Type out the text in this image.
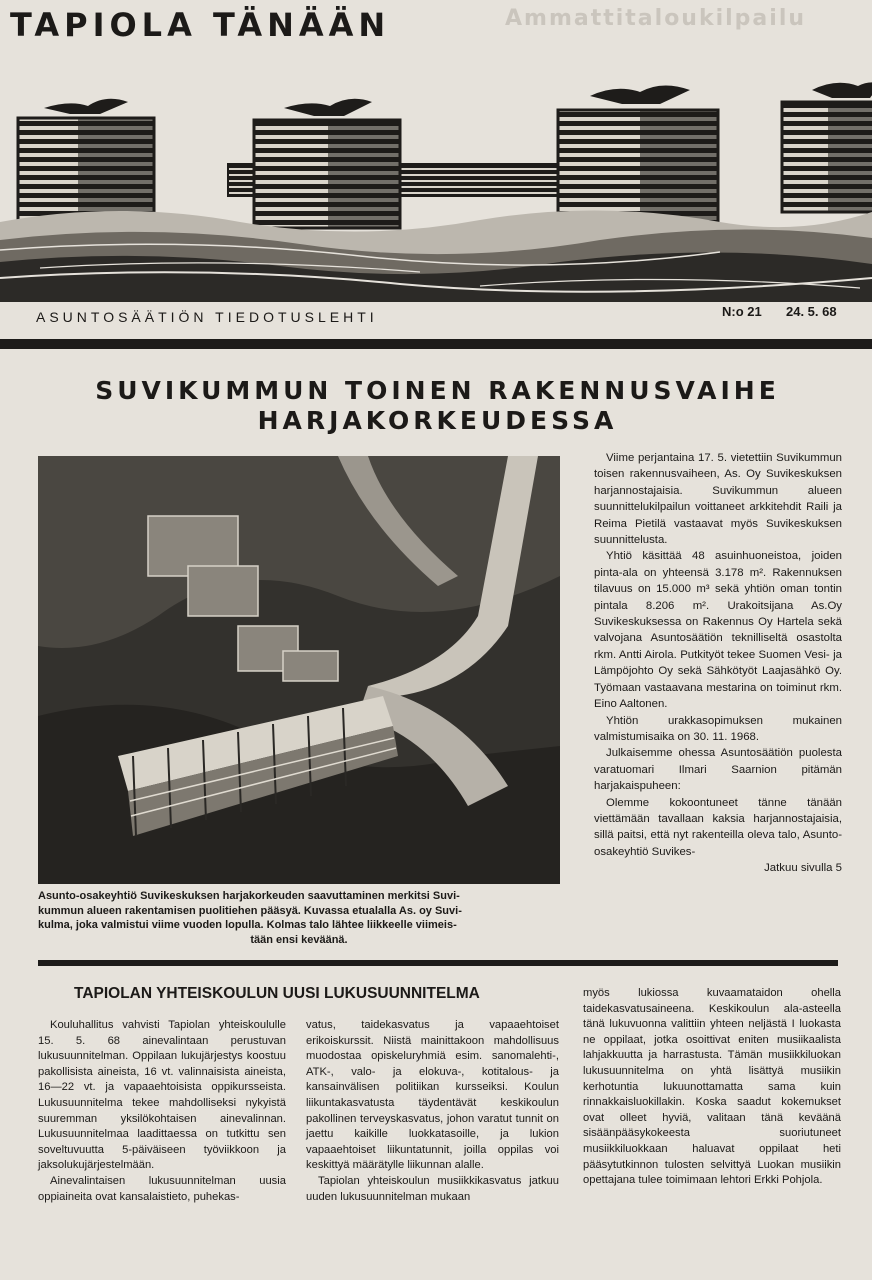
TAPIOLA TÄNÄÄN	Ammattitaloukilpailu
ASUNTOSÄÄTIÖN TIEDOTUSLEHTI	N:o 21 24. 5. 68
SUVIKUMMUN TOINEN RAKENNUSVAIHE
HARJAKORKEUDESSA
Asunto-osakeyhtiö Suvikeskuksen harjakorkeuden saavuttaminen merkitsi Suvi-
kummun alueen rakentamisen puolitiehen pääsyä. Kuvassa etualalla As. oy Suvi-
kulma, joka valmistui viime vuoden lopulla. Kolmas talo lähtee liikkeelle viimeis-
tään ensi keväänä.

Viime perjantaina 17. 5. vietettiin Suvikummun toisen rakennusvaiheen, As. Oy Suvikeskuksen harjannostajaisia. Suvikummun alueen suunnittelukilpailun voittaneet arkkitehdit Raili ja Reima Pietilä vastaavat myös Suvikeskuksen suunnittelusta.

Yhtiö käsittää 48 asuinhuoneistoa, joiden pinta-ala on yhteensä 3.178 m². Rakennuksen tilavuus on 15.000 m³ sekä yhtiön oman tontin pintala 8.206 m². Urakoitsijana As.Oy Suvikeskuksessa on Rakennus Oy Hartela sekä valvojana Asuntosäätiön teknilliseltä osastolta rkm. Antti Airola. Putkityöt tekee Suomen Vesi- ja Lämpöjohto Oy sekä Sähkötyöt Laajasähkö Oy. Työmaan vastaavana mestarina on toiminut rkm. Eino Aaltonen.

Yhtiön urakkasopimuksen mukainen valmistumisaika on 30. 11. 1968.

Julkaisemme ohessa Asuntosäätiön puolesta varatuomari Ilmari Saarnion pitämän harjakaispuheen:

Olemme kokoontuneet tänne tänään viettämään tavallaan kaksia harjannostajaisia, sillä paitsi, että nyt rakenteilla oleva talo, Asunto-osakeyhtiö Suvikes-

Jatkuu sivulla 5

TAPIOLAN YHTEISKOULUN UUSI LUKUSUUNNITELMA

Kouluhallitus vahvisti Tapiolan yhteiskoululle 15. 5. 68 ainevalintaan perustuvan lukusuunnitelman. Oppilaan lukujärjestys koostuu pakollisista aineista, 16 vt. valinnaisista aineista, 16—22 vt. ja vapaaehtoisista oppikursseista. Lukusuunnitelma tekee mahdolliseksi nykyistä suuremman yksilökohtaisen ainevalinnan. Lukusuunnitelmaa laadittaessa on tutkittu sen soveltuvuutta 5-päiväiseen työviikkoon ja jaksolukujärjestelmään.

Ainevalintaisen lukusuunnitelman uusia oppiaineita ovat kansalaistieto, puhekas-

vatus, taidekasvatus ja vapaaehtoiset erikoiskurssit. Niistä mainittakoon mahdollisuus muodostaa opiskeluryhmiä esim. sanomalehti-, ATK-, valo- ja elokuva-, kotitalous- ja kansainvälisen politiikan kursseiksi. Koulun liikuntakasvatusta täydentävät keskikoulun pakollinen terveyskasvatus, johon varatut tunnit on jaettu kaikille luokkatasoille, ja lukion vapaaehtoiset liikuntatunnit, joilla oppilas voi keskittyä määrätylle liikunnan alalle.

Tapiolan yhteiskoulun musiikkikasvatus jatkuu uuden lukusuunnitelman mukaan

myös lukiossa kuvaamataidon ohella taidekasvatusaineena. Keskikoulun ala-asteella tänä lukuvuonna valittiin yhteen neljästä I luokasta ne oppilaat, jotka osoittivat eniten musiikaalista lahjakkuutta ja harrastusta. Tämän musiikkiluokan lukusuunnitelma on yhtä lisättyä musiikin kerhotuntia lukuunottamatta sama kuin rinnakkaisluokillakin. Koska saadut kokemukset ovat olleet hyviä, valitaan tänä keväänä sisäänpääsykokeesta suoriutuneet musiikkiluokkaan haluavat oppilaat heti pääsytutkinnon tulosten selvittyä Luokan musiikin opettajana tulee toimimaan lehtori Erkki Pohjola.
